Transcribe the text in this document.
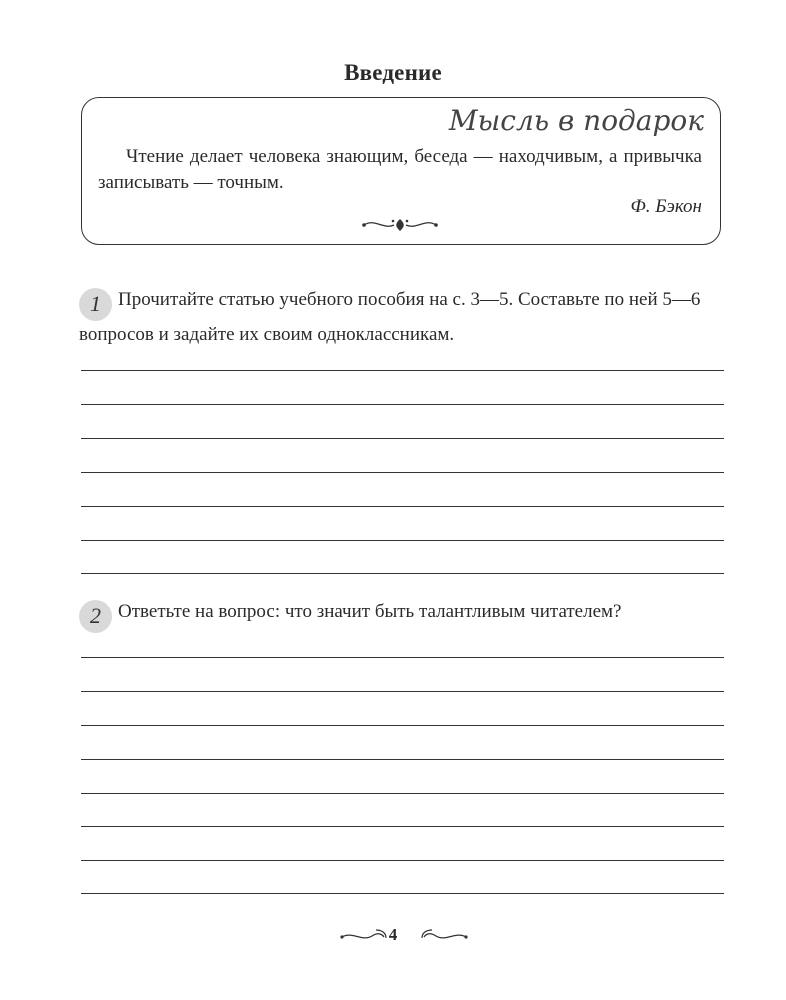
Введение
Мысль в подарок
Чтение делает человека знающим, беседа — находчивым, а привычка записывать — точным.
Ф. Бэкон
1 Прочитайте статью учебного пособия на с. 3—5. Составьте по ней 5—6 вопросов и задайте их своим одноклассникам.
2 Ответьте на вопрос: что значит быть талантливым читателем?
4
